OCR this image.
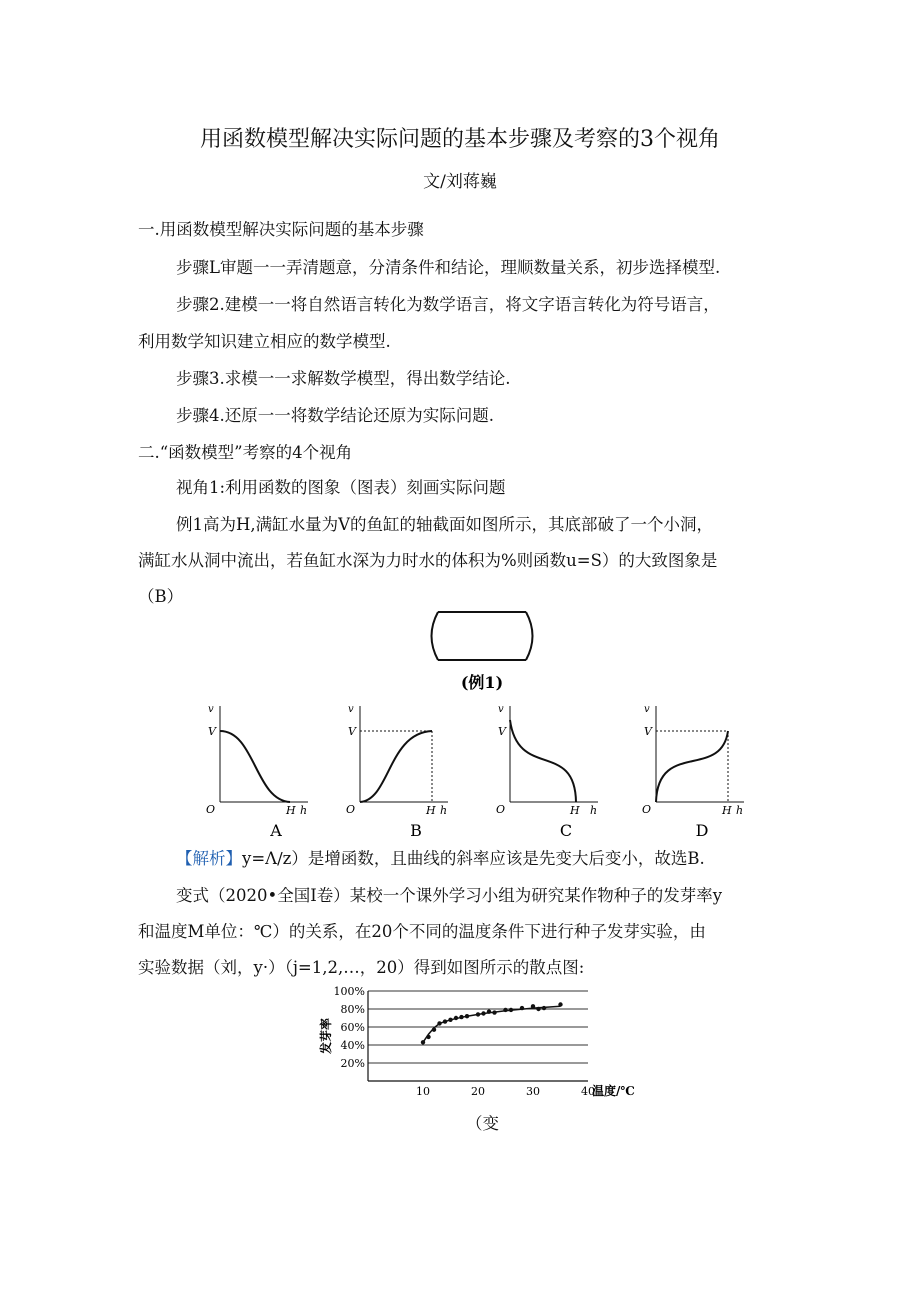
用函数模型解决实际问题的基本步骤及考察的3个视角
文/刘蒋巍
一.用函数模型解决实际问题的基本步骤
步骤L审题一一弄清题意，分清条件和结论，理顺数量关系，初步选择模型.
步骤2.建模一一将自然语言转化为数学语言，将文字语言转化为符号语言，
利用数学知识建立相应的数学模型.
步骤3.求模一一求解数学模型，得出数学结论.
步骤4.还原一一将数学结论还原为实际问题.
二.“函数模型”考察的4个视角
视角1:利用函数的图象（图表）刻画实际问题
例1高为H,满缸水量为V的鱼缸的轴截面如图所示，其底部破了一个小洞，
满缸水从洞中流出，若鱼缸水深为力时水的体积为%则函数u=S）的大致图象是
（B）
(例1)
v
V
O	H h
A
v
V
O	H h
B
v
V
O	H h
C
v
V
O	H h
D
【解析】y=Λ∕z）是增函数，且曲线的斜率应该是先变大后变小，故选B.
变式（2020•全国I卷）某校一个课外学习小组为研究某作物种子的发芽率y
和温度M单位：℃）的关系，在20个不同的温度条件下进行种子发芽实验，由
实验数据（刘，y·）（j=1,2,…，20）得到如图所示的散点图:
20%
40%
60%
80%
100%
10	20	30	40
发芽率
温度/℃
（变
